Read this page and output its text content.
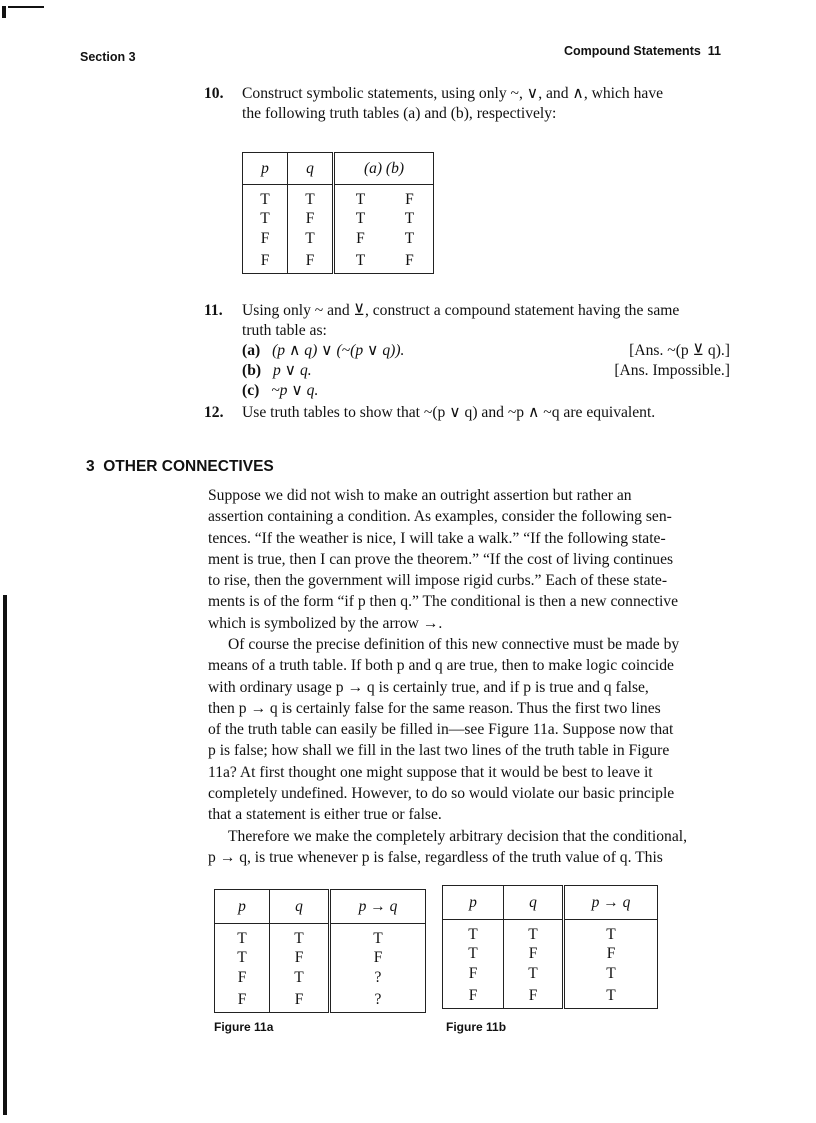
Section 3	Compound Statements 11
10. Construct symbolic statements, using only ~, ∨, and ∧, which have
the following truth tables (a) and (b), respectively:
p	q	(a) (b)	
T	T	T	F
T	F	T	T
F	T	F	T
F	F	T	F
11. Using only ~ and ⊻, construct a compound statement having the same
truth table as:
(a) (p ∧ q) ∨ (~(p ∨ q)).	[Ans. ~(p ⊻ q).]
(b) p ∨ q.	[Ans. Impossible.]
(c) ~p ∨ q.
12. Use truth tables to show that ~(p ∨ q) and ~p ∧ ~q are equivalent.
3  OTHER CONNECTIVES
Suppose we did not wish to make an outright assertion but rather an
assertion containing a condition. As examples, consider the following sen-
tences. “If the weather is nice, I will take a walk.” “If the following state-
ment is true, then I can prove the theorem.” “If the cost of living continues
to rise, then the government will impose rigid curbs.” Each of these state-
ments is of the form “if p then q.” The conditional is then a new connective
which is symbolized by the arrow →.
Of course the precise definition of this new connective must be made by
means of a truth table. If both p and q are true, then to make logic coincide
with ordinary usage p → q is certainly true, and if p is true and q false,
then p → q is certainly false for the same reason. Thus the first two lines
of the truth table can easily be filled in—see Figure 11a. Suppose now that
p is false; how shall we fill in the last two lines of the truth table in Figure
11a? At first thought one might suppose that it would be best to leave it
completely undefined. However, to do so would violate our basic principle
that a statement is either true or false.
Therefore we make the completely arbitrary decision that the conditional,
p → q, is true whenever p is false, regardless of the truth value of q. This
p	q	p → q
T	T	T
T	F	F
F	T	?
F	F	?
Figure 11a
p	q	p → q
T	T	T
T	F	F
F	T	T
F	F	T
Figure 11b
